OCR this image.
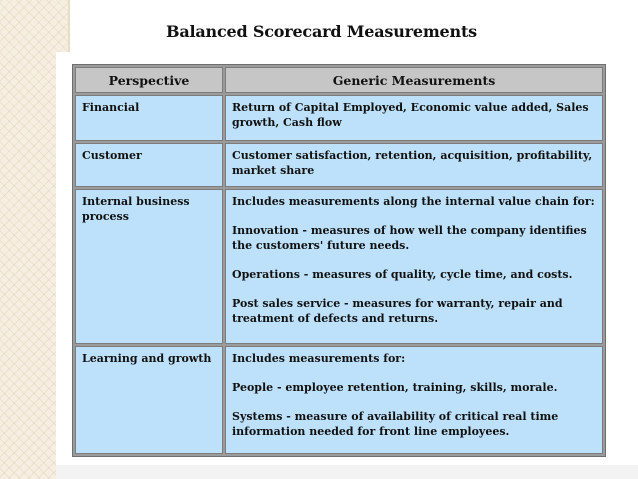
Balanced Scorecard Measurements
Perspective	Generic Measurements
Financial	Return of Capital Employed, Economic value added, Sales growth, Cash flow

Customer	Customer satisfaction, retention, acquisition, profitability, market share

Internal business process	Includes measurements along the internal value chain for:

Innovation - measures of how well the company identifies the customers' future needs.

Operations - measures of quality, cycle time, and costs.

Post sales service - measures for warranty, repair and treatment of defects and returns.

Learning and growth	Includes measurements for:

People - employee retention, training, skills, morale.

Systems - measure of availability of critical real time information needed for front line employees.
